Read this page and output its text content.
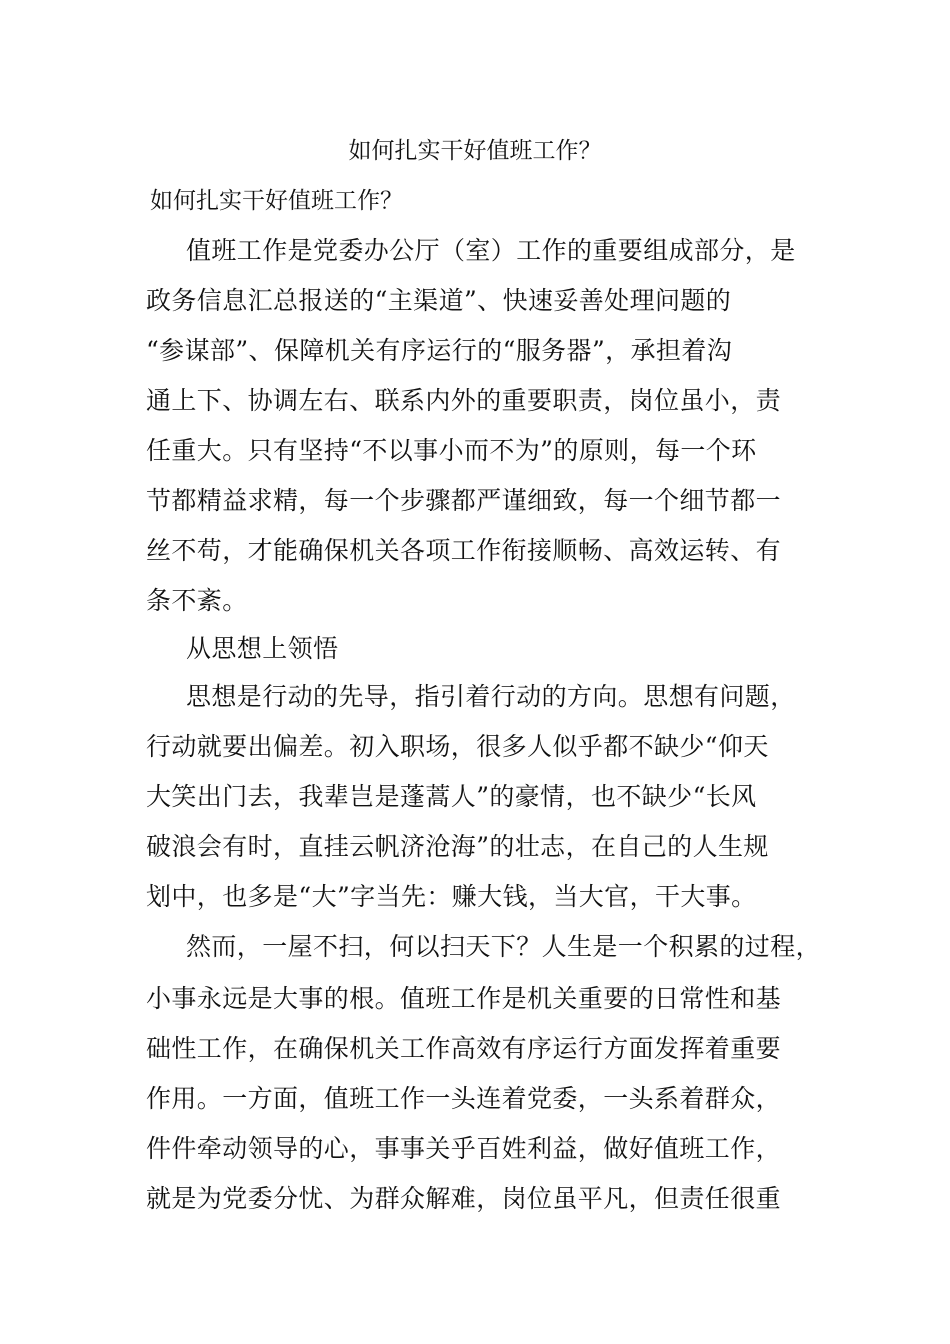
如何扎实干好值班工作？
如何扎实干好值班工作？
值班工作是党委办公厅（室）工作的重要组成部分，是
政务信息汇总报送的“主渠道”、快速妥善处理问题的
“参谋部”、保障机关有序运行的“服务器”，承担着沟
通上下、协调左右、联系内外的重要职责，岗位虽小，责
任重大。只有坚持“不以事小而不为”的原则，每一个环
节都精益求精，每一个步骤都严谨细致，每一个细节都一
丝不苟，才能确保机关各项工作衔接顺畅、高效运转、有
条不紊。
从思想上领悟
思想是行动的先导，指引着行动的方向。思想有问题，
行动就要出偏差。初入职场，很多人似乎都不缺少“仰天
大笑出门去，我辈岂是蓬蒿人”的豪情，也不缺少“长风
破浪会有时，直挂云帆济沧海”的壮志，在自己的人生规
划中，也多是“大”字当先：赚大钱，当大官，干大事。
然而，一屋不扫，何以扫天下？人生是一个积累的过程，
小事永远是大事的根。值班工作是机关重要的日常性和基
础性工作，在确保机关工作高效有序运行方面发挥着重要
作用。一方面，值班工作一头连着党委，一头系着群众，
件件牵动领导的心，事事关乎百姓利益，做好值班工作，
就是为党委分忧、为群众解难，岗位虽平凡，但责任很重
